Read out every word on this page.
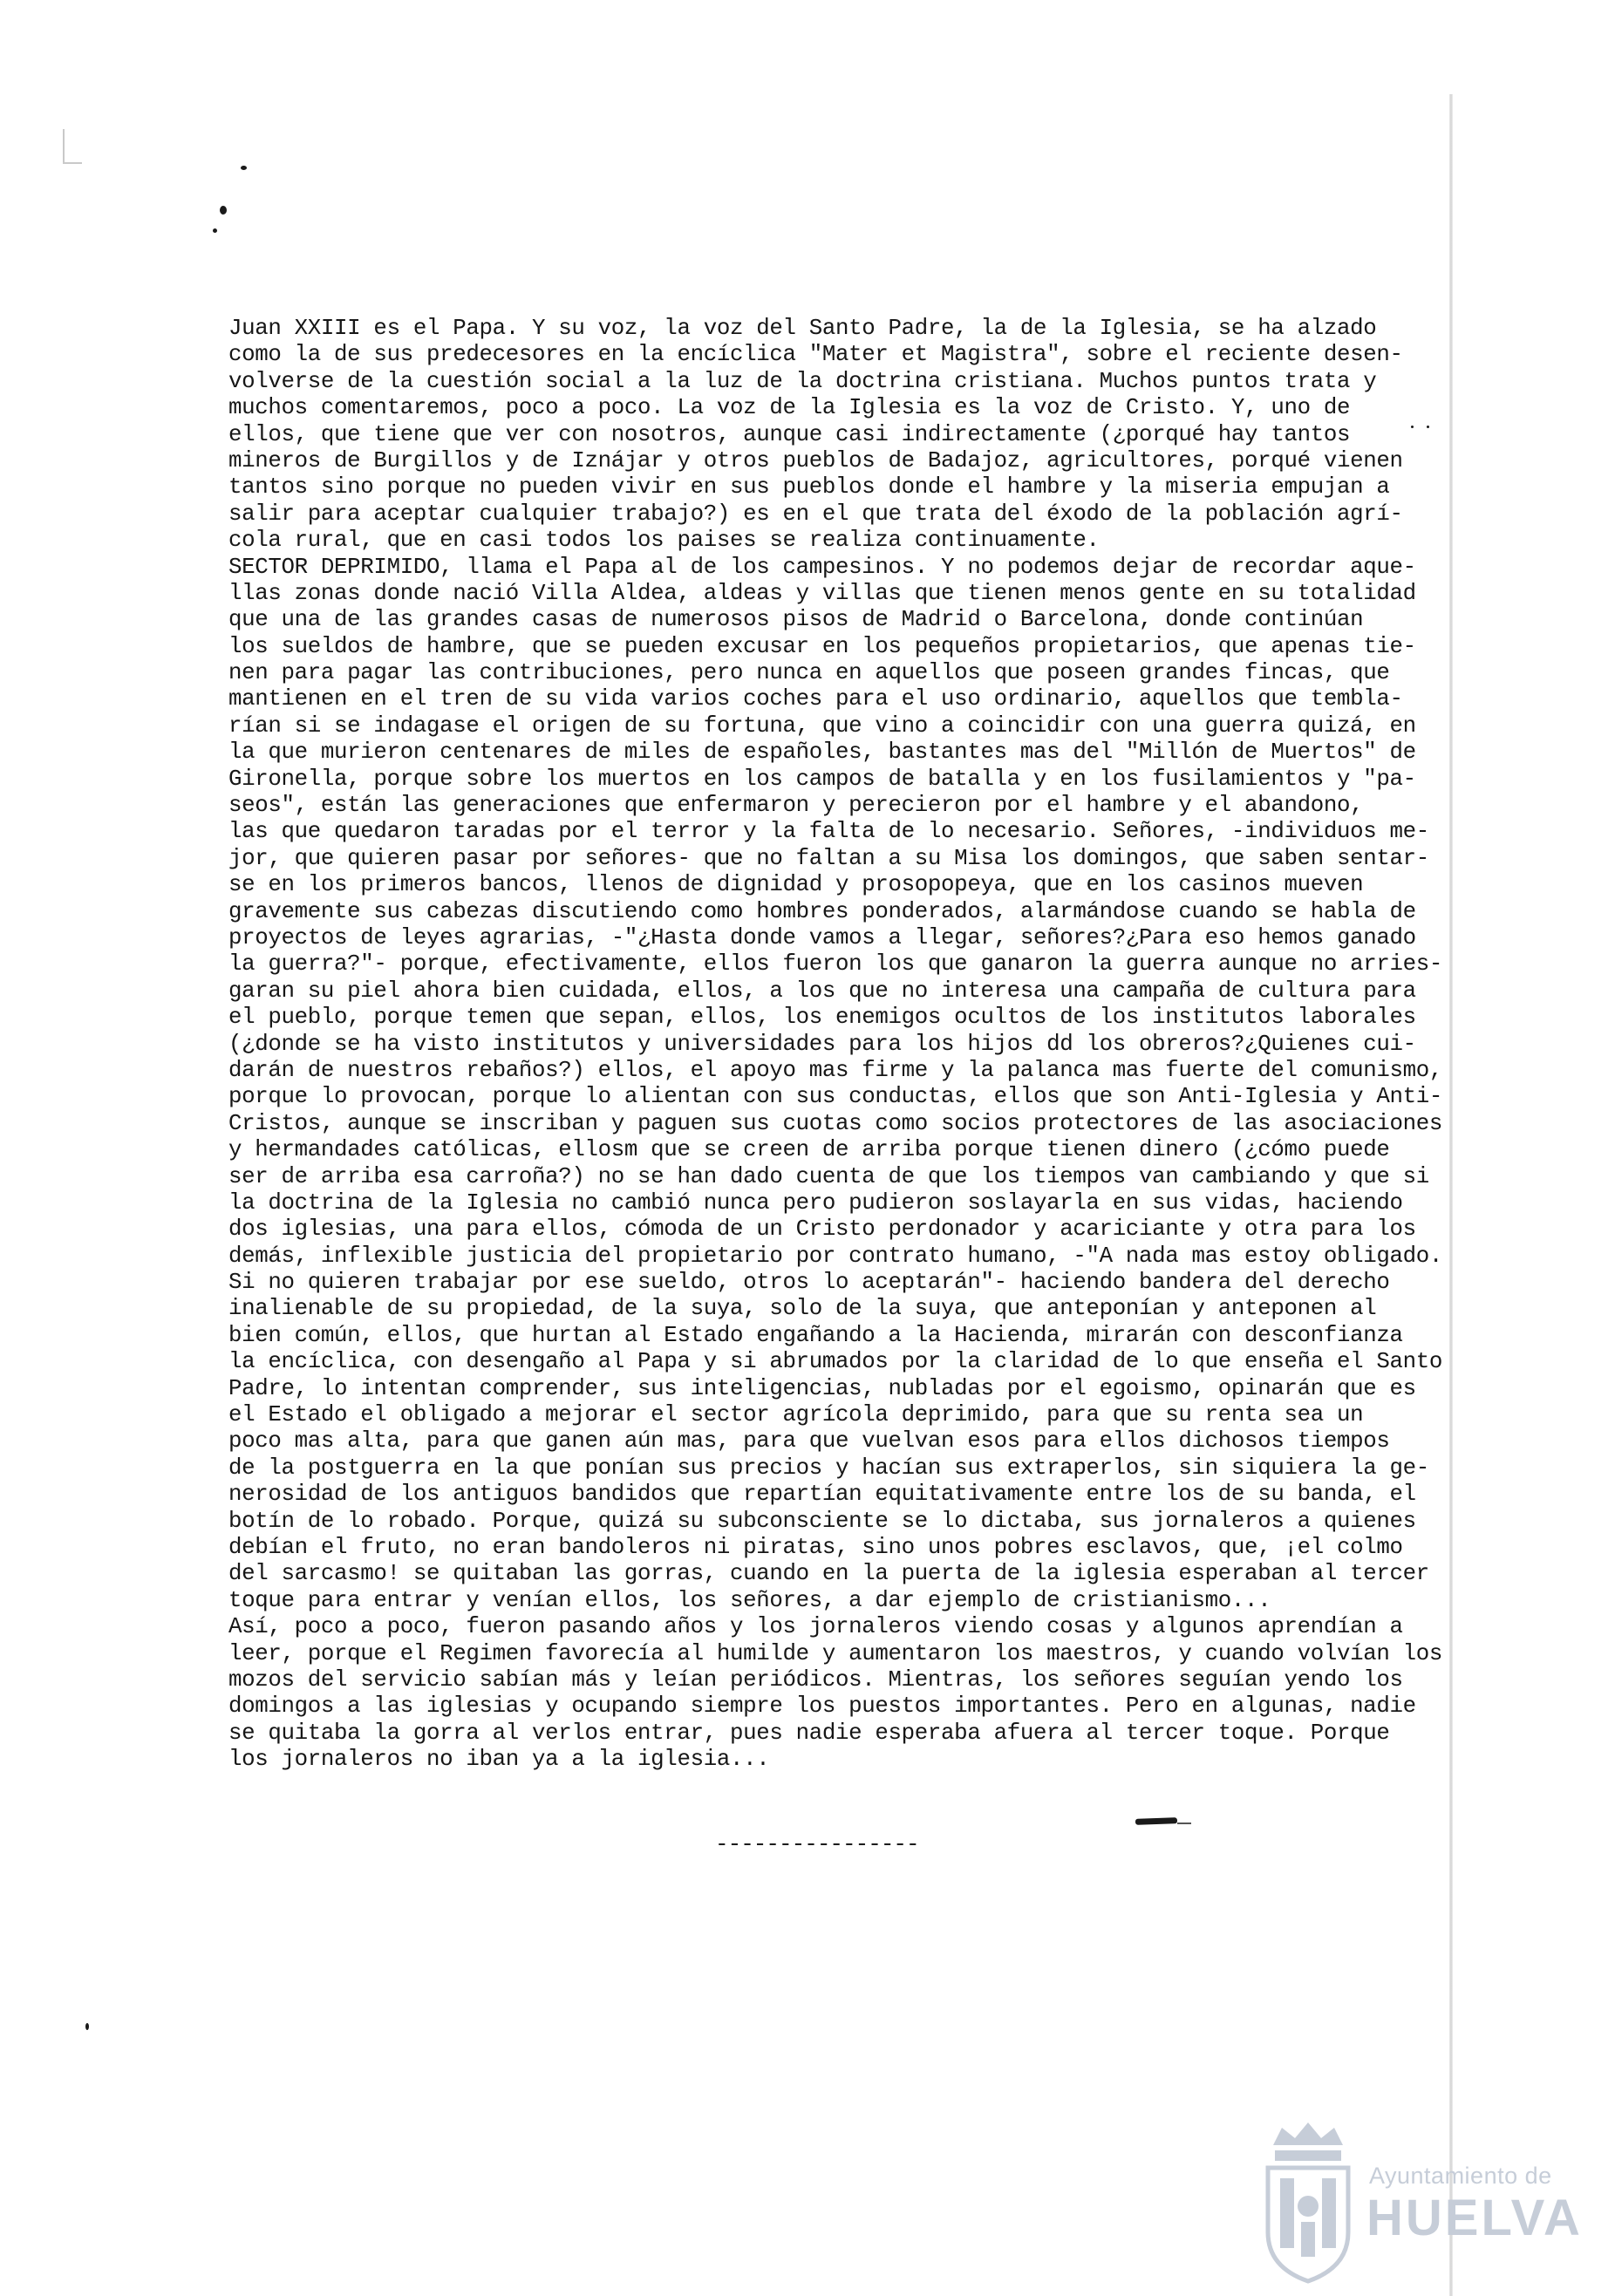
Juan XXIII es el Papa. Y su voz, la voz del Santo Padre, la de la Iglesia, se ha alzado
como la de sus predecesores en la encíclica "Mater et Magistra", sobre el reciente desen-
volverse de la cuestión social a la luz de la doctrina cristiana. Muchos puntos trata y
muchos comentaremos, poco a poco. La voz de la Iglesia es la voz de Cristo. Y, uno de
ellos, que tiene que ver con nosotros, aunque casi indirectamente (¿porqué hay tantos
mineros de Burgillos y de Iznájar y otros pueblos de Badajoz, agricultores, porqué vienen
tantos sino porque no pueden vivir en sus pueblos donde el hambre y la miseria empujan a
salir para aceptar cualquier trabajo?) es en el que trata del éxodo de la población agrí-
cola rural, que en casi todos los paises se realiza continuamente.
SECTOR DEPRIMIDO, llama el Papa al de los campesinos. Y no podemos dejar de recordar aque-
llas zonas donde nació Villa Aldea, aldeas y villas que tienen menos gente en su totalidad
que una de las grandes casas de numerosos pisos de Madrid o Barcelona, donde continúan
los sueldos de hambre, que se pueden excusar en los pequeños propietarios, que apenas tie-
nen para pagar las contribuciones, pero nunca en aquellos que poseen grandes fincas, que
mantienen en el tren de su vida varios coches para el uso ordinario, aquellos que tembla-
rían si se indagase el origen de su fortuna, que vino a coincidir con una guerra quizá, en
la que murieron centenares de miles de españoles, bastantes mas del "Millón de Muertos" de
Gironella, porque sobre los muertos en los campos de batalla y en los fusilamientos y "pa-
seos", están las generaciones que enfermaron y perecieron por el hambre y el abandono,
las que quedaron taradas por el terror y la falta de lo necesario. Señores, -individuos me-
jor, que quieren pasar por señores- que no faltan a su Misa los domingos, que saben sentar-
se en los primeros bancos, llenos de dignidad y prosopopeya, que en los casinos mueven
gravemente sus cabezas discutiendo como hombres ponderados, alarmándose cuando se habla de
proyectos de leyes agrarias, -"¿Hasta donde vamos a llegar, señores?¿Para eso hemos ganado
la guerra?"- porque, efectivamente, ellos fueron los que ganaron la guerra aunque no arries-
garan su piel ahora bien cuidada, ellos, a los que no interesa una campaña de cultura para
el pueblo, porque temen que sepan, ellos, los enemigos ocultos de los institutos laborales
(¿donde se ha visto institutos y universidades para los hijos dd los obreros?¿Quienes cui-
darán de nuestros rebaños?) ellos, el apoyo mas firme y la palanca mas fuerte del comunismo,
porque lo provocan, porque lo alientan con sus conductas, ellos que son Anti-Iglesia y Anti-
Cristos, aunque se inscriban y paguen sus cuotas como socios protectores de las asociaciones
y hermandades católicas, ellosm que se creen de arriba porque tienen dinero (¿cómo puede
ser de arriba esa carroña?) no se han dado cuenta de que los tiempos van cambiando y que si
la doctrina de la Iglesia no cambió nunca pero pudieron soslayarla en sus vidas, haciendo
dos iglesias, una para ellos, cómoda de un Cristo perdonador y acariciante y otra para los
demás, inflexible justicia del propietario por contrato humano, -"A nada mas estoy obligado.
Si no quieren trabajar por ese sueldo, otros lo aceptarán"- haciendo bandera del derecho
inalienable de su propiedad, de la suya, solo de la suya, que anteponían y anteponen al
bien común, ellos, que hurtan al Estado engañando a la Hacienda, mirarán con desconfianza
la encíclica, con desengaño al Papa y si abrumados por la claridad de lo que enseña el Santo
Padre, lo intentan comprender, sus inteligencias, nubladas por el egoismo, opinarán que es
el Estado el obligado a mejorar el sector agrícola deprimido, para que su renta sea un
poco mas alta, para que ganen aún mas, para que vuelvan esos para ellos dichosos tiempos
de la postguerra en la que ponían sus precios y hacían sus extraperlos, sin siquiera la ge-
nerosidad de los antiguos bandidos que repartían equitativamente entre los de su banda, el
botín de lo robado. Porque, quizá su subconsciente se lo dictaba, sus jornaleros a quienes
debían el fruto, no eran bandoleros ni piratas, sino unos pobres esclavos, que, ¡el colmo
del sarcasmo! se quitaban las gorras, cuando en la puerta de la iglesia esperaban al tercer
toque para entrar y venían ellos, los señores, a dar ejemplo de cristianismo...
Así, poco a poco, fueron pasando años y los jornaleros viendo cosas y algunos aprendían a
leer, porque el Regimen favorecía al humilde y aumentaron los maestros, y cuando volvían los
mozos del servicio sabían más y leían periódicos. Mientras, los señores seguían yendo los
domingos a las iglesias y ocupando siempre los puestos importantes. Pero en algunas, nadie
se quitaba la gorra al verlos entrar, pues nadie esperaba afuera al tercer toque. Porque
los jornaleros no iban ya a la iglesia...
----------------
Ayuntamiento de
HUELVA
